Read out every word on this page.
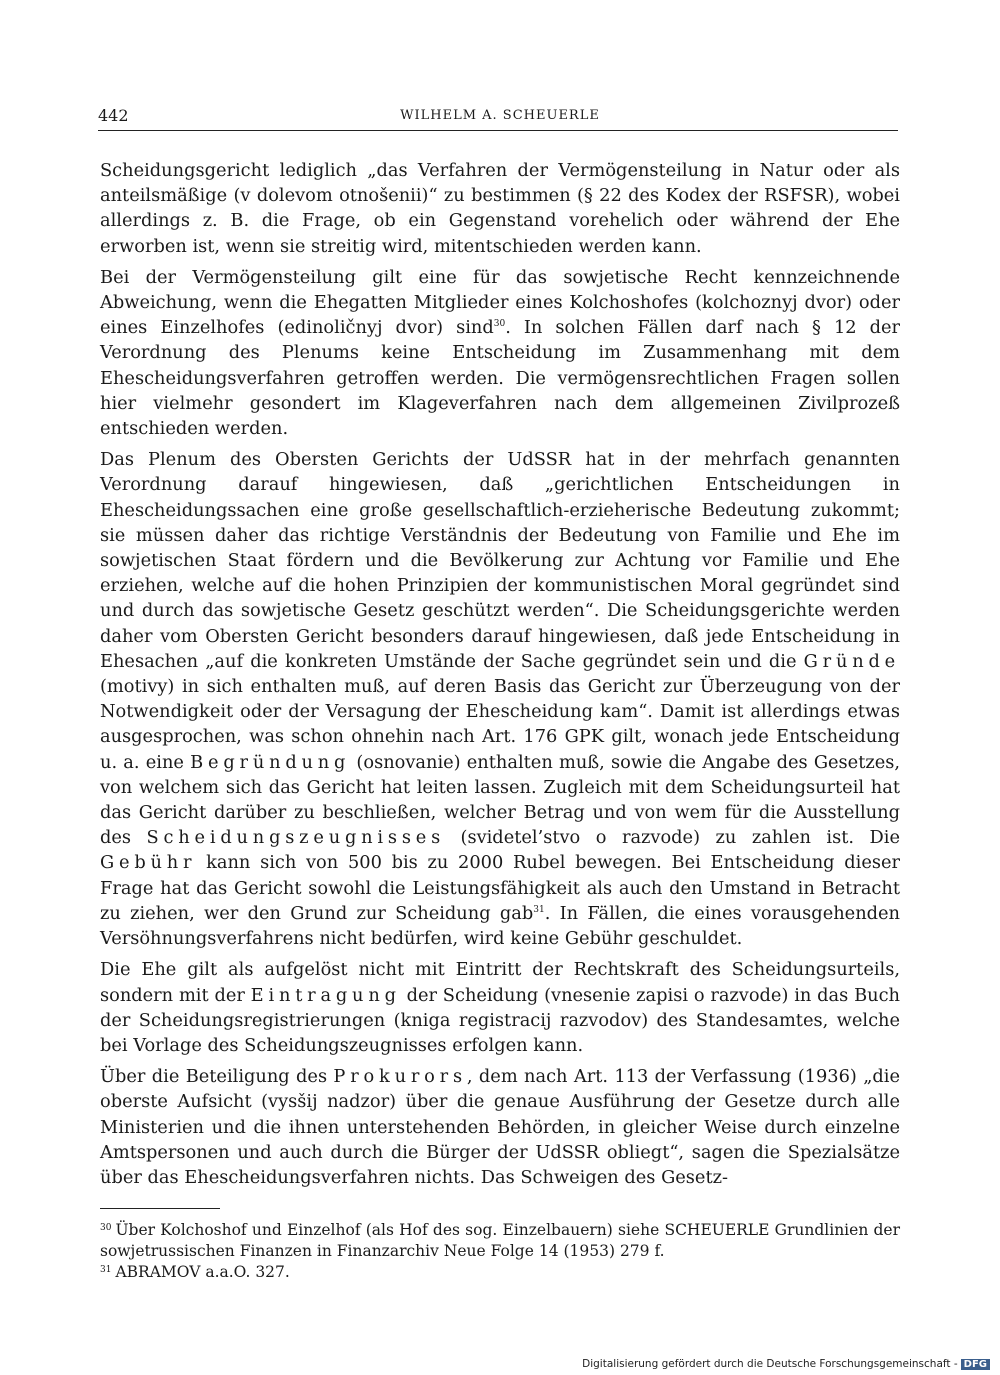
442	WILHELM A. SCHEUERLE

Scheidungsgericht lediglich „das Verfahren der Vermögensteilung in Natur oder als anteilsmäßige (v dolevom otnošenii)“ zu bestimmen (§ 22 des Kodex der RSFSR), wobei allerdings z. B. die Frage, ob ein Gegenstand vorehelich oder während der Ehe erworben ist, wenn sie streitig wird, mitentschieden werden kann.

Bei der Vermögensteilung gilt eine für das sowjetische Recht kennzeichnende Abweichung, wenn die Ehegatten Mitglieder eines Kolchoshofes (kolchoznyj dvor) oder eines Einzelhofes (edinoličnyj dvor) sind$^{30}$. In solchen Fällen darf nach § 12 der Verordnung des Plenums keine Entscheidung im Zusammenhang mit dem Ehescheidungsverfahren getroffen werden. Die vermögensrechtlichen Fragen sollen hier vielmehr gesondert im Klageverfahren nach dem allgemeinen Zivilprozeß entschieden werden.

Das Plenum des Obersten Gerichts der UdSSR hat in der mehrfach genannten Verordnung darauf hingewiesen, daß „gerichtlichen Entscheidungen in Ehescheidungssachen eine große gesellschaftlich-erzieherische Bedeutung zukommt; sie müssen daher das richtige Verständnis der Bedeutung von Familie und Ehe im sowjetischen Staat fördern und die Bevölkerung zur Achtung vor Familie und Ehe erziehen, welche auf die hohen Prinzipien der kommunistischen Moral gegründet sind und durch das sowjetische Gesetz geschützt werden“. Die Scheidungsgerichte werden daher vom Obersten Gericht besonders darauf hingewiesen, daß jede Entscheidung in Ehesachen „auf die konkreten Umstände der Sache gegründet sein und die Gründe (motivy) in sich enthalten muß, auf deren Basis das Gericht zur Überzeugung von der Notwendigkeit oder der Versagung der Ehescheidung kam“. Damit ist allerdings etwas ausgesprochen, was schon ohnehin nach Art. 176 GPK gilt, wonach jede Entscheidung u. a. eine Begründung (osnovanie) enthalten muß, sowie die Angabe des Gesetzes, von welchem sich das Gericht hat leiten lassen. Zugleich mit dem Scheidungsurteil hat das Gericht darüber zu beschließen, welcher Betrag und von wem für die Ausstellung des Scheidungszeugnisses (svidetel’stvo o razvode) zu zahlen ist. Die Gebühr kann sich von 500 bis zu 2000 Rubel bewegen. Bei Entscheidung dieser Frage hat das Gericht sowohl die Leistungsfähigkeit als auch den Umstand in Betracht zu ziehen, wer den Grund zur Scheidung gab$^{31}$. In Fällen, die eines vorausgehenden Versöhnungsverfahrens nicht bedürfen, wird keine Gebühr geschuldet.

Die Ehe gilt als aufgelöst nicht mit Eintritt der Rechtskraft des Scheidungsurteils, sondern mit der Eintragung der Scheidung (vnesenie zapisi o razvode) in das Buch der Scheidungsregistrierungen (kniga registracij razvodov) des Standesamtes, welche bei Vorlage des Scheidungszeugnisses erfolgen kann.

Über die Beteiligung des Prokurors, dem nach Art. 113 der Verfassung (1936) „die oberste Aufsicht (vysšij nadzor) über die genaue Ausführung der Gesetze durch alle Ministerien und die ihnen unterstehenden Behörden, in gleicher Weise durch einzelne Amtspersonen und auch durch die Bürger der UdSSR obliegt“, sagen die Spezialsätze über das Ehescheidungsverfahren nichts. Das Schweigen des Gesetz-

$^{30}$ Über Kolchoshof und Einzelhof (als Hof des sog. Einzelbauern) siehe SCHEUERLE Grundlinien der sowjetrussischen Finanzen in Finanzarchiv Neue Folge 14 (1953) 279 f.

$^{31}$ ABRAMOV a.a.O. 327.

Digitalisierung gefördert durch die Deutsche Forschungsgemeinschaft - DFG
